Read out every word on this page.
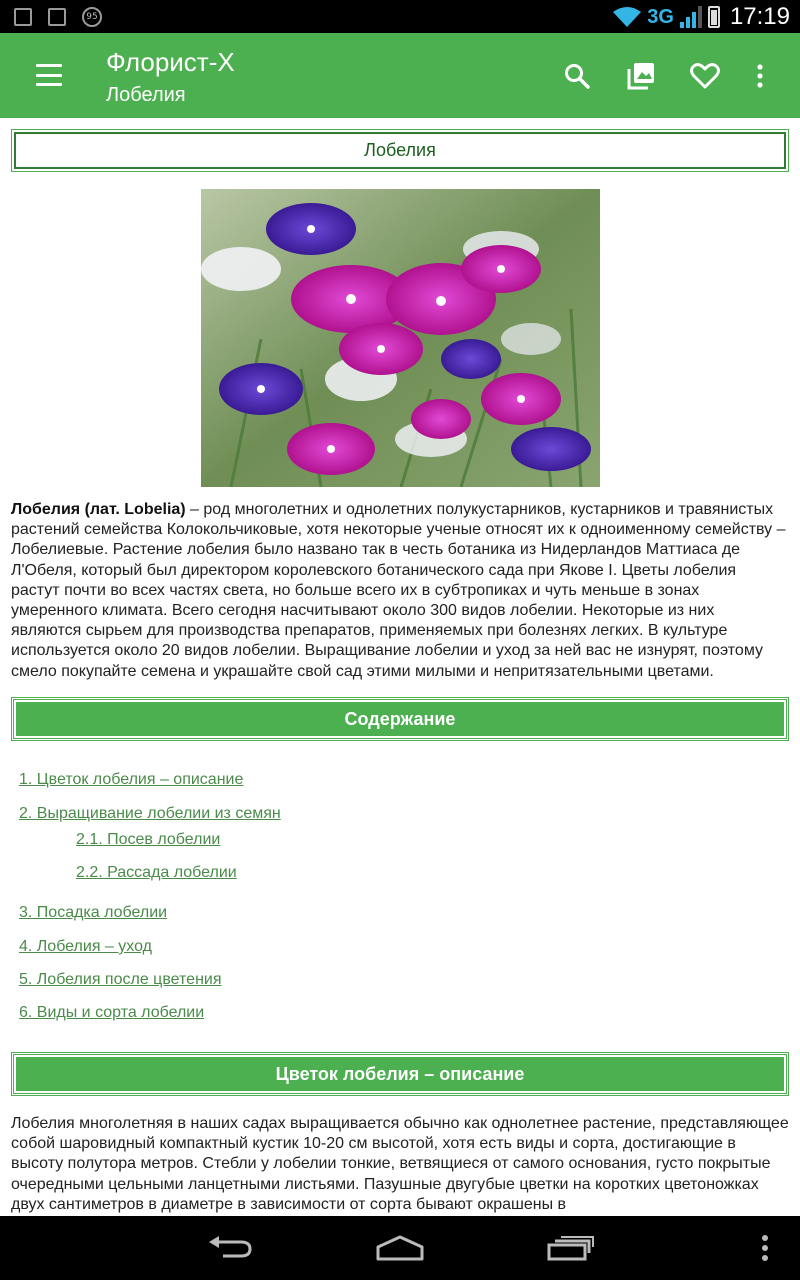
95	3G 17:19
Флорист-Х
Лобелия
Лобелия

Лобелия (лат. Lobelia) – род многолетних и однолетних полукустарников, кустарников и травянистых растений семейства Колокольчиковые, хотя некоторые ученые относят их к одноименному семейству – Лобелиевые. Растение лобелия было названо так в честь ботаника из Нидерландов Маттиаса де Л'Обеля, который был директором королевского ботанического сада при Якове I. Цветы лобелия растут почти во всех частях света, но больше всего их в субтропиках и чуть меньше в зонах умеренного климата. Всего сегодня насчитывают около 300 видов лобелии. Некоторые из них являются сырьем для производства препаратов, применяемых при болезнях легких. В культуре используется около 20 видов лобелии. Выращивание лобелии и уход за ней вас не изнурят, поэтому смело покупайте семена и украшайте свой сад этими милыми и непритязательными цветами.

Содержание
1. Цветок лобелия – описание
2. Выращивание лобелии из семян
2.1. Посев лобелии
2.2. Рассада лобелии
3. Посадка лобелии
4. Лобелия – уход
5. Лобелия после цветения
6. Виды и сорта лобелии
Цветок лобелия – описание

Лобелия многолетняя в наших садах выращивается обычно как однолетнее растение, представляющее собой шаровидный компактный кустик 10-20 см высотой, хотя есть виды и сорта, достигающие в высоту полутора метров. Стебли у лобелии тонкие, ветвящиеся от самого основания, густо покрытые очередными цельными ланцетными листьями. Пазушные двугубые цветки на коротких цветоножках двух сантиметров в диаметре в зависимости от сорта бывают окрашены в
